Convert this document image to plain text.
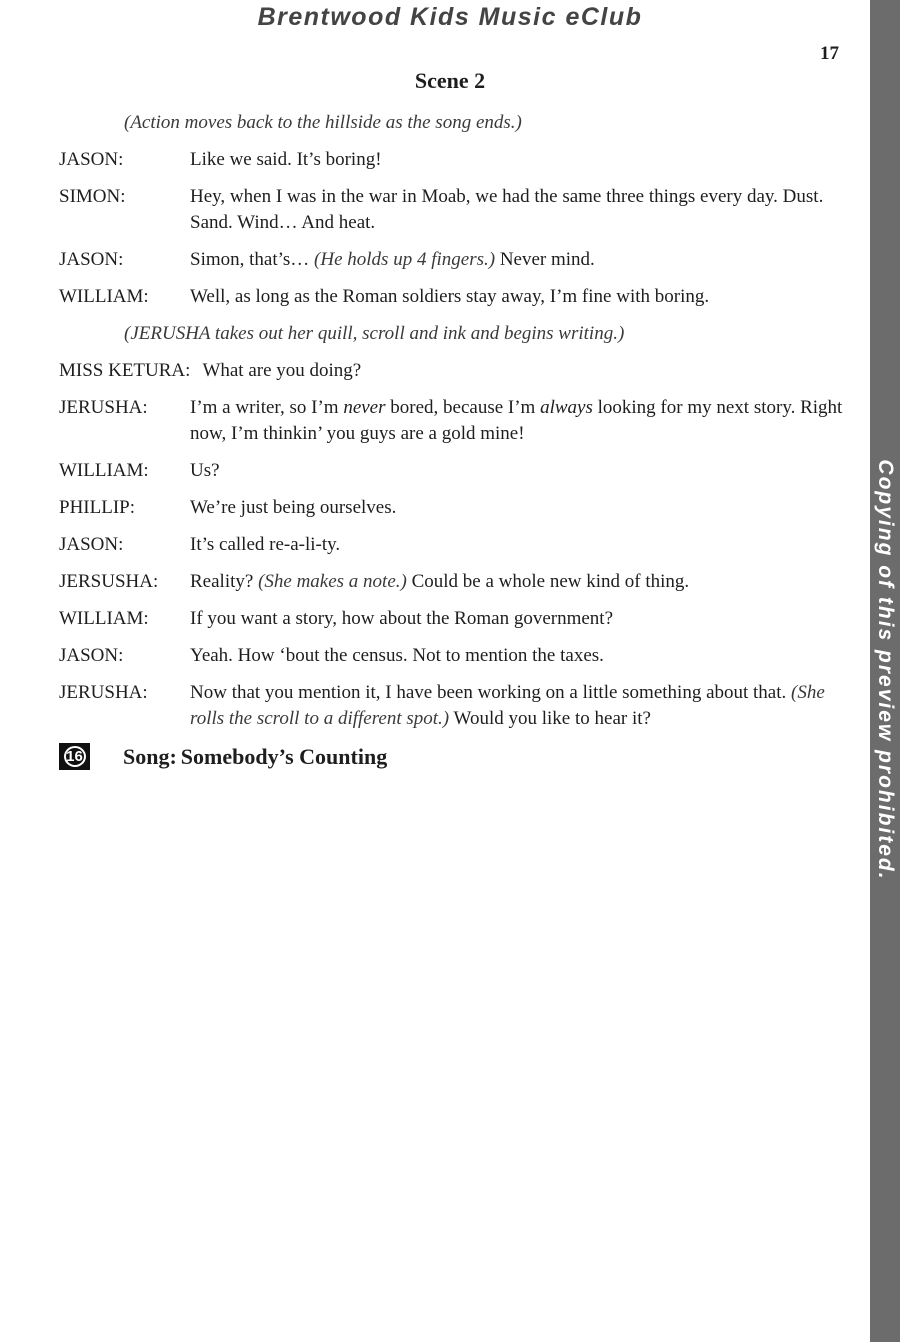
Brentwood Kids Music eClub
Copying of this preview prohibited.
17
Scene 2
(Action moves back to the hillside as the song ends.)
JASON:	Like we said. It’s boring!
SIMON:	Hey, when I was in the war in Moab, we had the same three things every day. Dust. Sand. Wind… And heat.
JASON:	Simon, that’s… (He holds up 4 fingers.) Never mind.
WILLIAM:	Well, as long as the Roman soldiers stay away, I’m fine with boring.
(JERUSHA takes out her quill, scroll and ink and begins writing.)
MISS KETURA: What are you doing?
JERUSHA:	I’m a writer, so I’m never bored, because I’m always looking for my next story. Right now, I’m thinkin’ you guys are a gold mine!
WILLIAM:	Us?
PHILLIP:	We’re just being ourselves.
JASON:	It’s called re-a-li-ty.
JERSUSHA:	Reality? (She makes a note.) Could be a whole new kind of thing.
WILLIAM:	If you want a story, how about the Roman government?
JASON:	Yeah. How ‘bout the census. Not to mention the taxes.
JERUSHA:	Now that you mention it, I have been working on a little something about that. (She rolls the scroll to a different spot.) Would you like to hear it?
16 Song: Somebody’s Counting
